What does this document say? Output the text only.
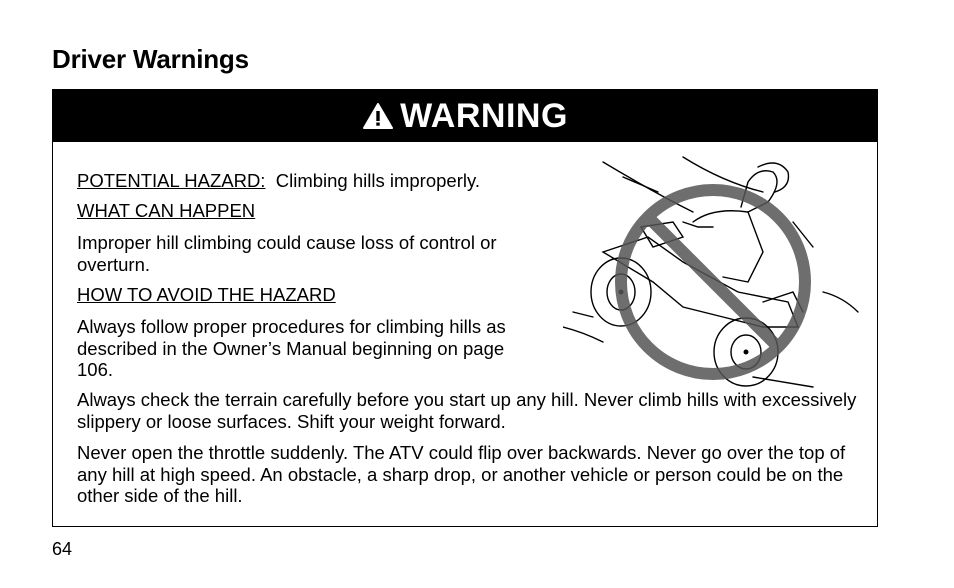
Driver Warnings
WARNING
POTENTIAL HAZARD: Climbing hills improperly.
WHAT CAN HAPPEN
Improper hill climbing could cause loss of control or overturn.
HOW TO AVOID THE HAZARD
Always follow proper procedures for climbing hills as described in the Owner’s Manual beginning on page 106.
Always check the terrain carefully before you start up any hill. Never climb hills with excessively slippery or loose surfaces. Shift your weight forward.
Never open the throttle suddenly. The ATV could flip over backwards. Never go over the top of any hill at high speed. An obstacle, a sharp drop, or another vehicle or person could be on the other side of the hill.
64
